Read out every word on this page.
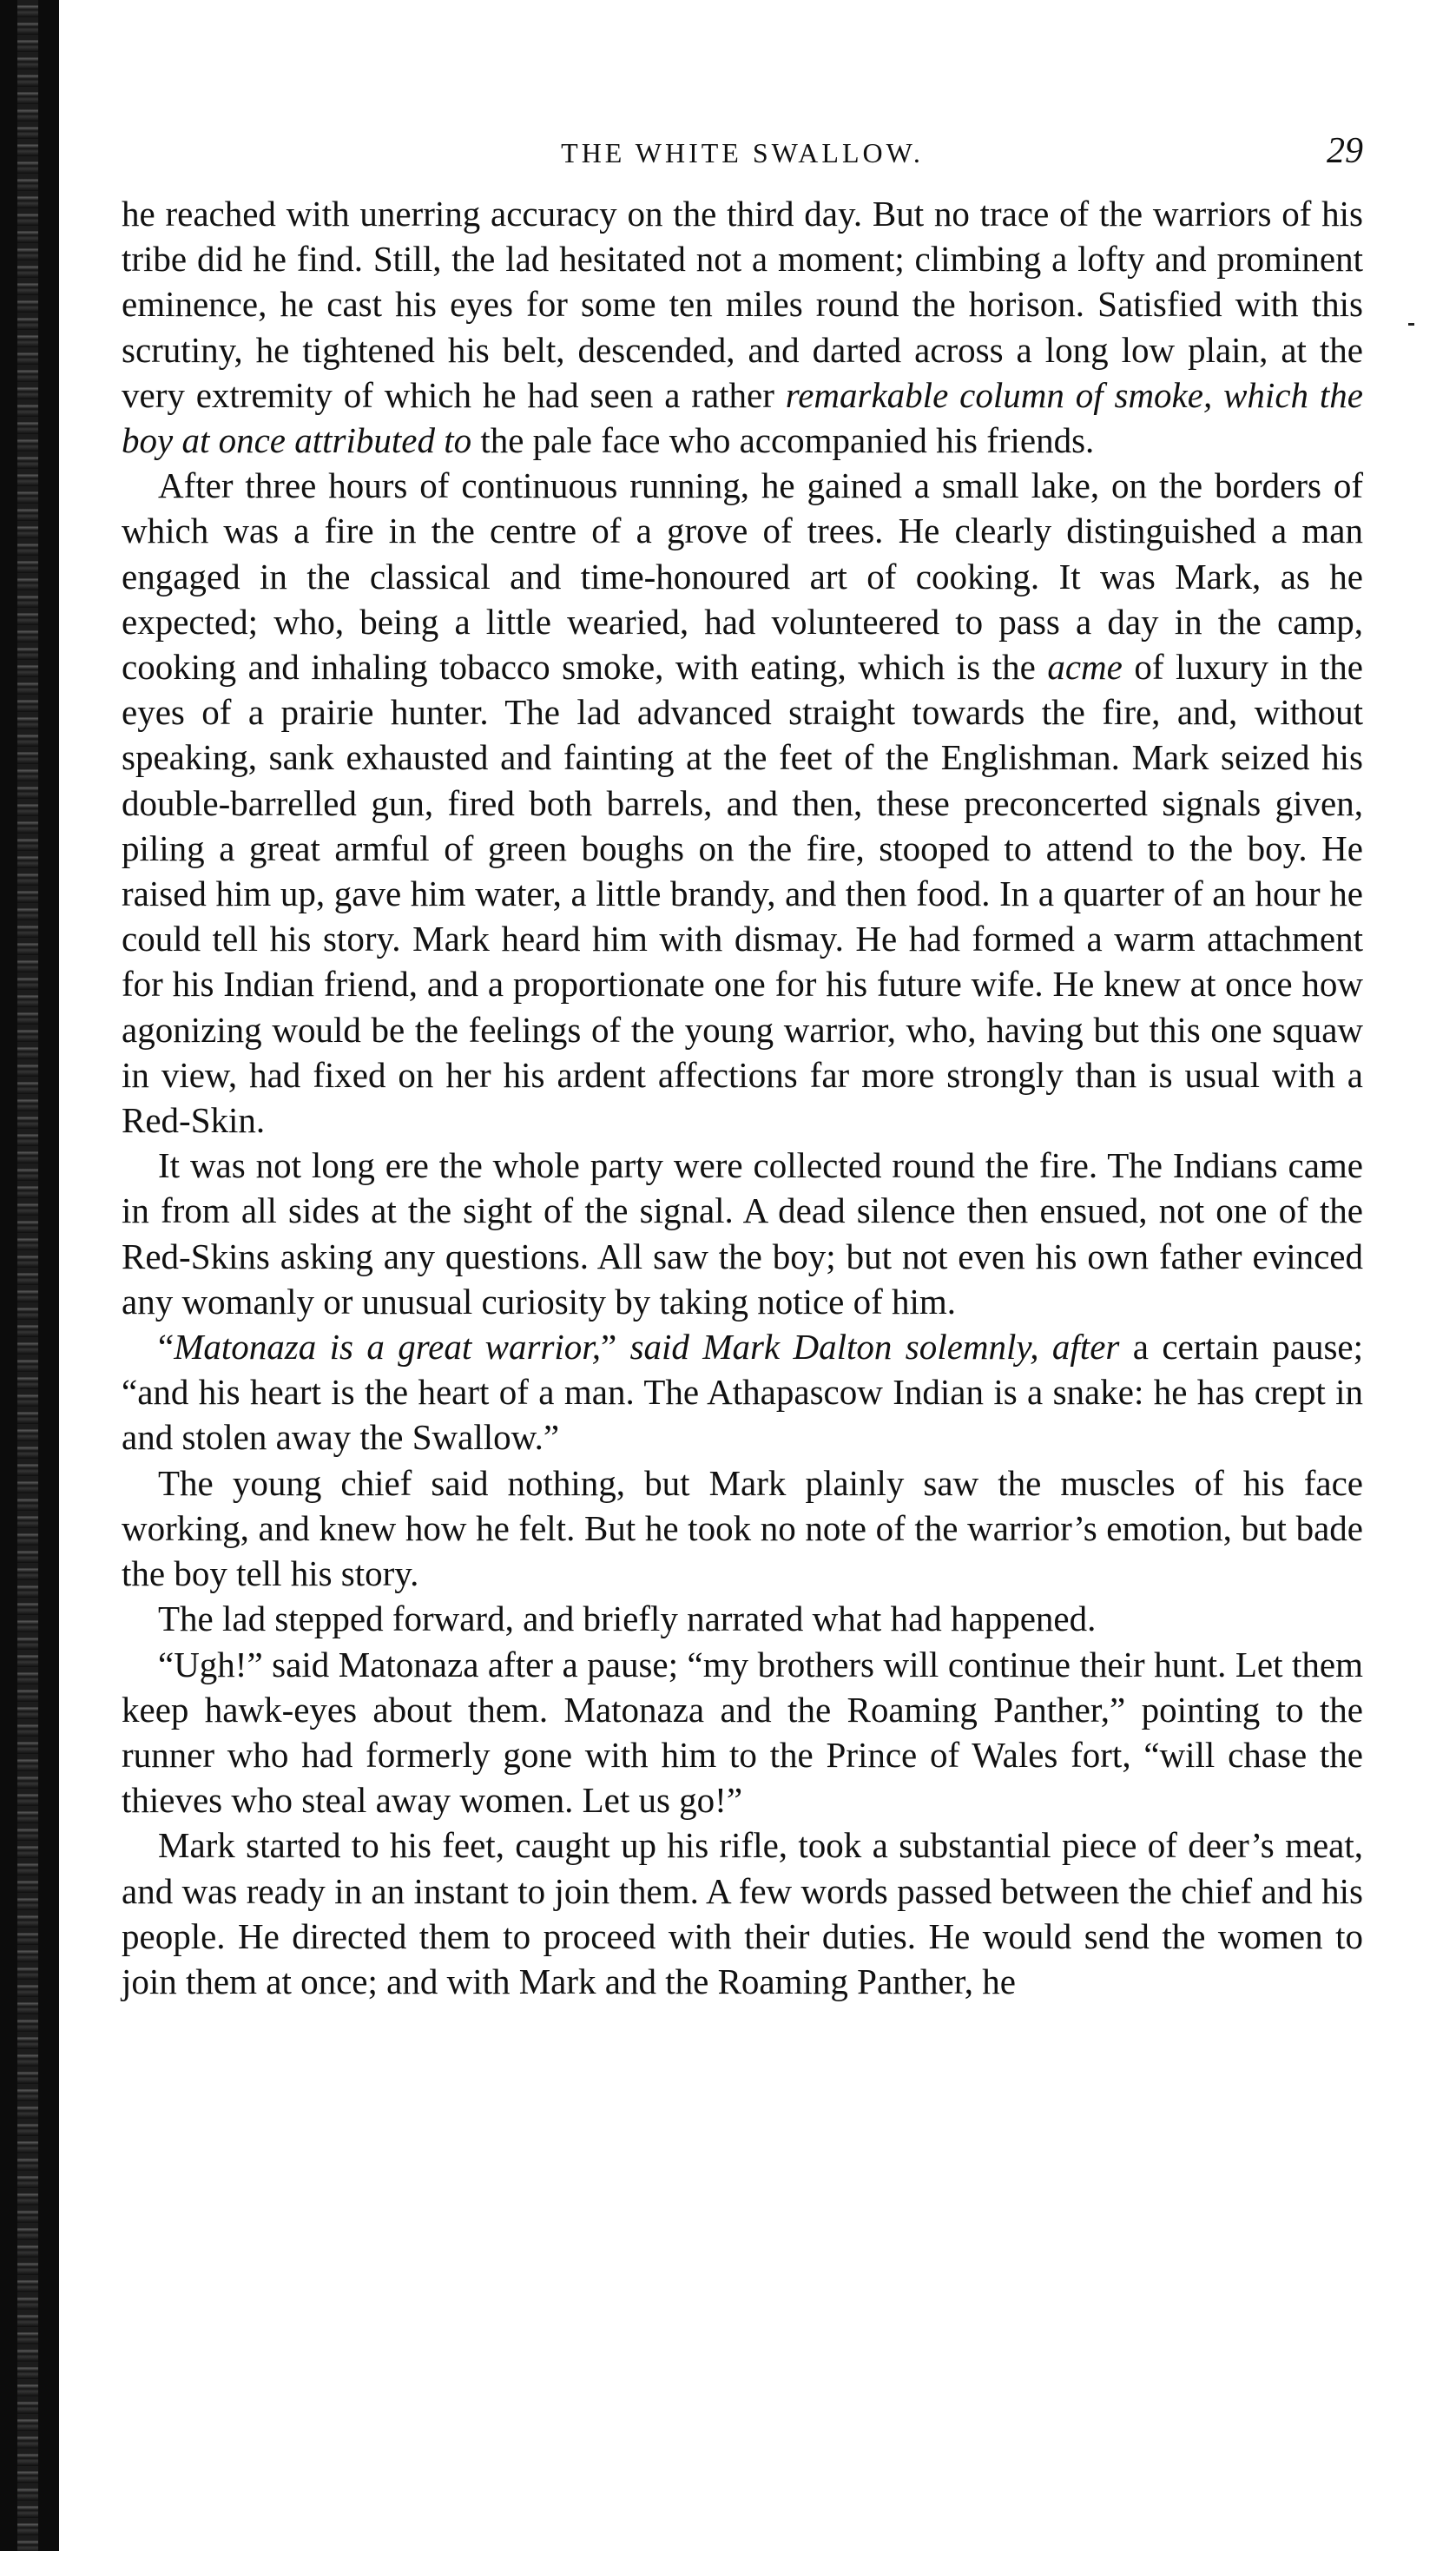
THE WHITE SWALLOW.	29

he reached with unerring accuracy on the third day. But no trace of the warriors of his tribe did he find. Still, the lad hesitated not a moment; climbing a lofty and prominent eminence, he cast his eyes for some ten miles round the horison. Satisfied with this scrutiny, he tightened his belt, descended, and darted across a long low plain, at the very extremity of which he had seen a rather remarkable column of smoke, which the boy at once attributed to the pale face who accompanied his friends.

After three hours of continuous running, he gained a small lake, on the borders of which was a fire in the centre of a grove of trees. He clearly distinguished a man engaged in the classical and time-honoured art of cooking. It was Mark, as he expected; who, being a little wearied, had volunteered to pass a day in the camp, cooking and inhaling tobacco smoke, with eating, which is the acme of luxury in the eyes of a prairie hunter. The lad advanced straight towards the fire, and, without speaking, sank exhausted and fainting at the feet of the Englishman. Mark seized his double-barrelled gun, fired both barrels, and then, these preconcerted signals given, piling a great armful of green boughs on the fire, stooped to attend to the boy. He raised him up, gave him water, a little brandy, and then food. In a quarter of an hour he could tell his story. Mark heard him with dismay. He had formed a warm attachment for his Indian friend, and a proportionate one for his future wife. He knew at once how agonizing would be the feelings of the young warrior, who, having but this one squaw in view, had fixed on her his ardent affections far more strongly than is usual with a Red-Skin.

It was not long ere the whole party were collected round the fire. The Indians came in from all sides at the sight of the signal. A dead silence then ensued, not one of the Red-Skins asking any questions. All saw the boy; but not even his own father evinced any womanly or unusual curiosity by taking notice of him.

“Matonaza is a great warrior,” said Mark Dalton solemnly, after a certain pause; “and his heart is the heart of a man. The Athapascow Indian is a snake: he has crept in and stolen away the Swallow.”

The young chief said nothing, but Mark plainly saw the muscles of his face working, and knew how he felt. But he took no note of the warrior’s emotion, but bade the boy tell his story.

The lad stepped forward, and briefly narrated what had happened.

“Ugh!” said Matonaza after a pause; “my brothers will continue their hunt. Let them keep hawk-eyes about them. Matonaza and the Roaming Panther,” pointing to the runner who had formerly gone with him to the Prince of Wales fort, “will chase the thieves who steal away women. Let us go!”

Mark started to his feet, caught up his rifle, took a substantial piece of deer’s meat, and was ready in an instant to join them. A few words passed between the chief and his people. He directed them to proceed with their duties. He would send the women to join them at once; and with Mark and the Roaming Panther, he
